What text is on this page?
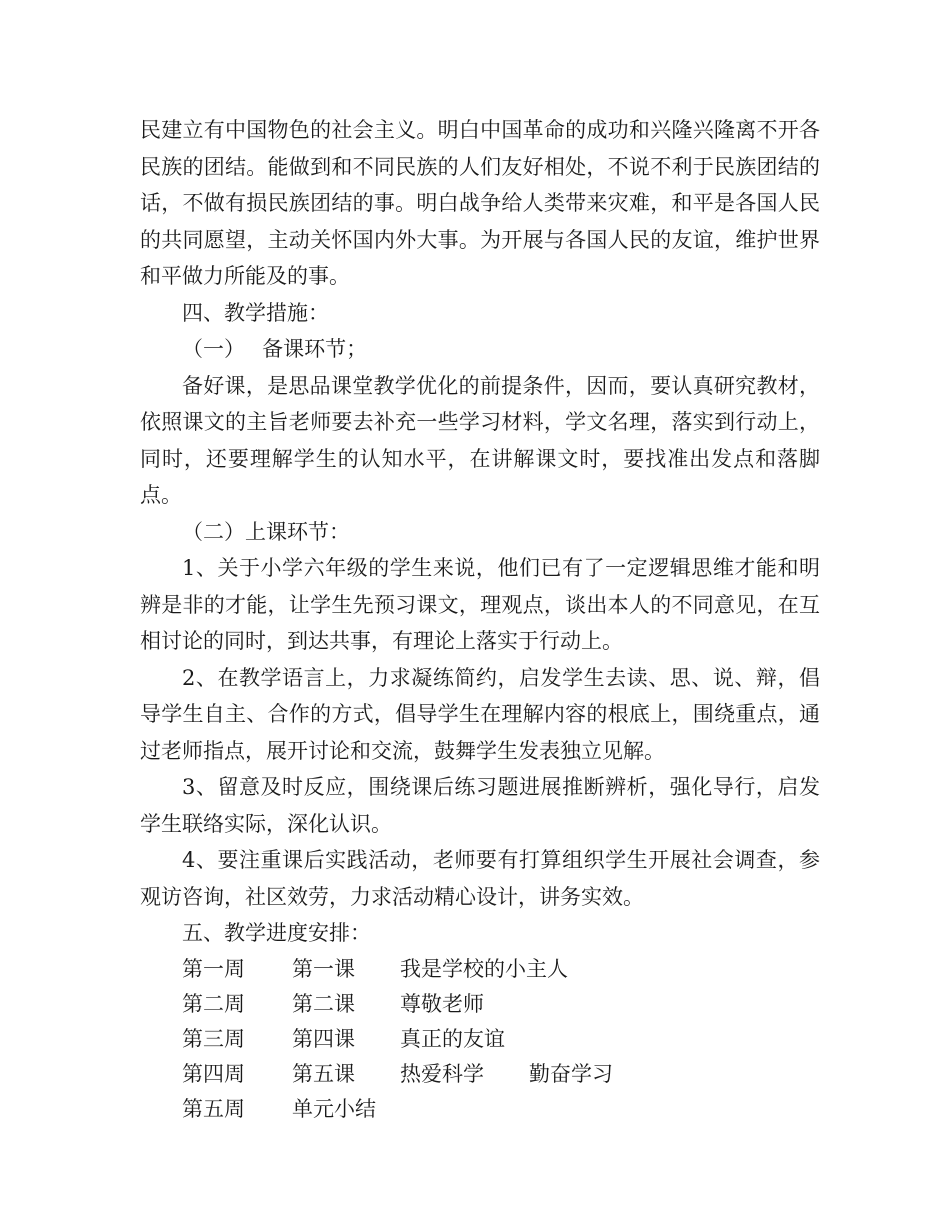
民建立有中国物色的社会主义。明白中国革命的成功和兴隆兴隆离不开各民族的团结。能做到和不同民族的人们友好相处，不说不利于民族团结的话，不做有损民族团结的事。明白战争给人类带来灾难，和平是各国人民的共同愿望，主动关怀国内外大事。为开展与各国人民的友谊，维护世界和平做力所能及的事。

四、教学措施：

（一）　 备课环节；

备好课，是思品课堂教学优化的前提条件，因而，要认真研究教材，依照课文的主旨老师要去补充一些学习材料，学文名理，落实到行动上，同时，还要理解学生的认知水平，在讲解课文时，要找准出发点和落脚点。

（二）上课环节：

1、关于小学六年级的学生来说，他们已有了一定逻辑思维才能和明辨是非的才能，让学生先预习课文，理观点，谈出本人的不同意见，在互相讨论的同时，到达共事，有理论上落实于行动上。

2、在教学语言上，力求凝练简约，启发学生去读、思、说、辩，倡导学生自主、合作的方式，倡导学生在理解内容的根底上，围绕重点，通过老师指点，展开讨论和交流，鼓舞学生发表独立见解。

3、留意及时反应，围绕课后练习题进展推断辨析，强化导行，启发学生联络实际，深化认识。

4、要注重课后实践活动，老师要有打算组织学生开展社会调查，参观访咨询，社区效劳，力求活动精心设计，讲务实效。

五、教学进度安排：

第一周	第一课	我是学校的小主人
第二周	第二课	尊敬老师
第三周	第四课	真正的友谊
第四周	第五课	热爱科学 勤奋学习
第五周	单元小结
